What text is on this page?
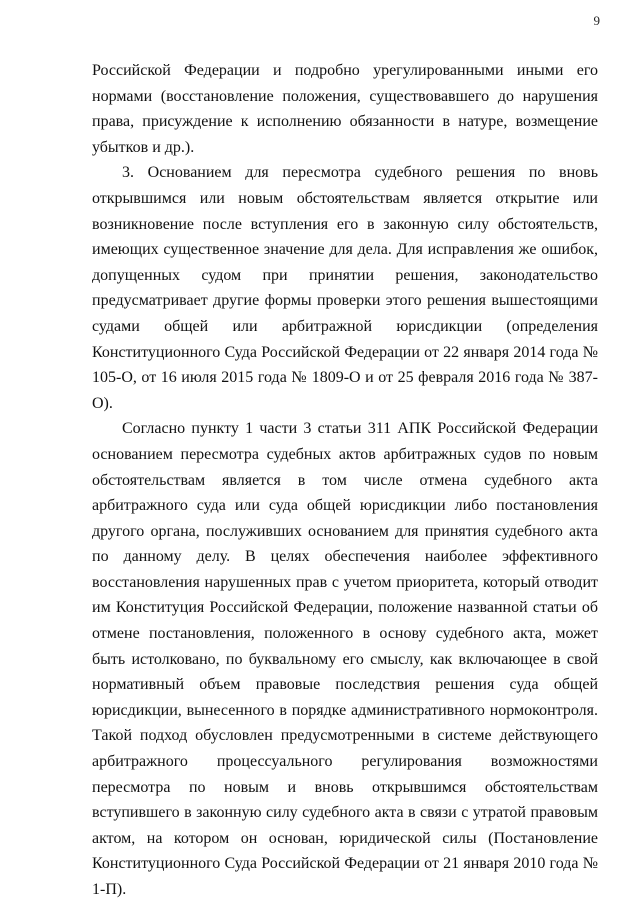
9

Российской Федерации и подробно урегулированными иными его нормами (восстановление положения, существовавшего до нарушения права, присуждение к исполнению обязанности в натуре, возмещение убытков и др.).

3. Основанием для пересмотра судебного решения по вновь открывшимся или новым обстоятельствам является открытие или возникновение после вступления его в законную силу обстоятельств, имеющих существенное значение для дела. Для исправления же ошибок, допущенных судом при принятии решения, законодательство предусматривает другие формы проверки этого решения вышестоящими судами общей или арбитражной юрисдикции (определения Конституционного Суда Российской Федерации от 22 января 2014 года № 105-О, от 16 июля 2015 года № 1809-О и от 25 февраля 2016 года № 387-О).

Согласно пункту 1 части 3 статьи 311 АПК Российской Федерации основанием пересмотра судебных актов арбитражных судов по новым обстоятельствам является в том числе отмена судебного акта арбитражного суда или суда общей юрисдикции либо постановления другого органа, послуживших основанием для принятия судебного акта по данному делу. В целях обеспечения наиболее эффективного восстановления нарушенных прав с учетом приоритета, который отводит им Конституция Российской Федерации, положение названной статьи об отмене постановления, положенного в основу судебного акта, может быть истолковано, по буквальному его смыслу, как включающее в свой нормативный объем правовые последствия решения суда общей юрисдикции, вынесенного в порядке административного нормоконтроля. Такой подход обусловлен предусмотренными в системе действующего арбитражного процессуального регулирования возможностями пересмотра по новым и вновь открывшимся обстоятельствам вступившего в законную силу судебного акта в связи с утратой правовым актом, на котором он основан, юридической силы (Постановление Конституционного Суда Российской Федерации от 21 января 2010 года № 1-П).
